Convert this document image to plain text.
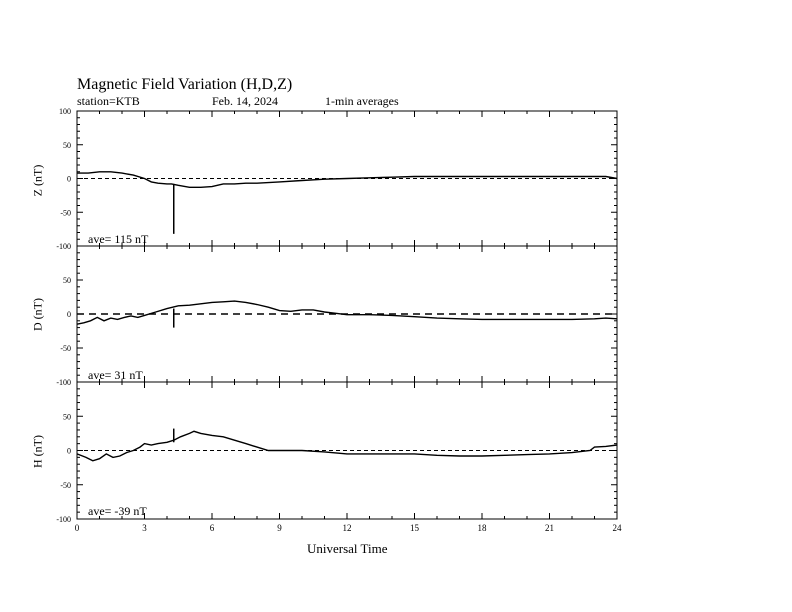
100
50
0
-50
-100
50
0
-50
-100
50
0
-50
-100
0	3	6	9	12	15	18	21	24
Magnetic Field Variation (H,D,Z)
station=KTB	Feb. 14, 2024	1-min averages
Z (nT)
D (nT)
H (nT)
ave= 115 nT
ave= 31 nT
ave= -39 nT
Universal Time
